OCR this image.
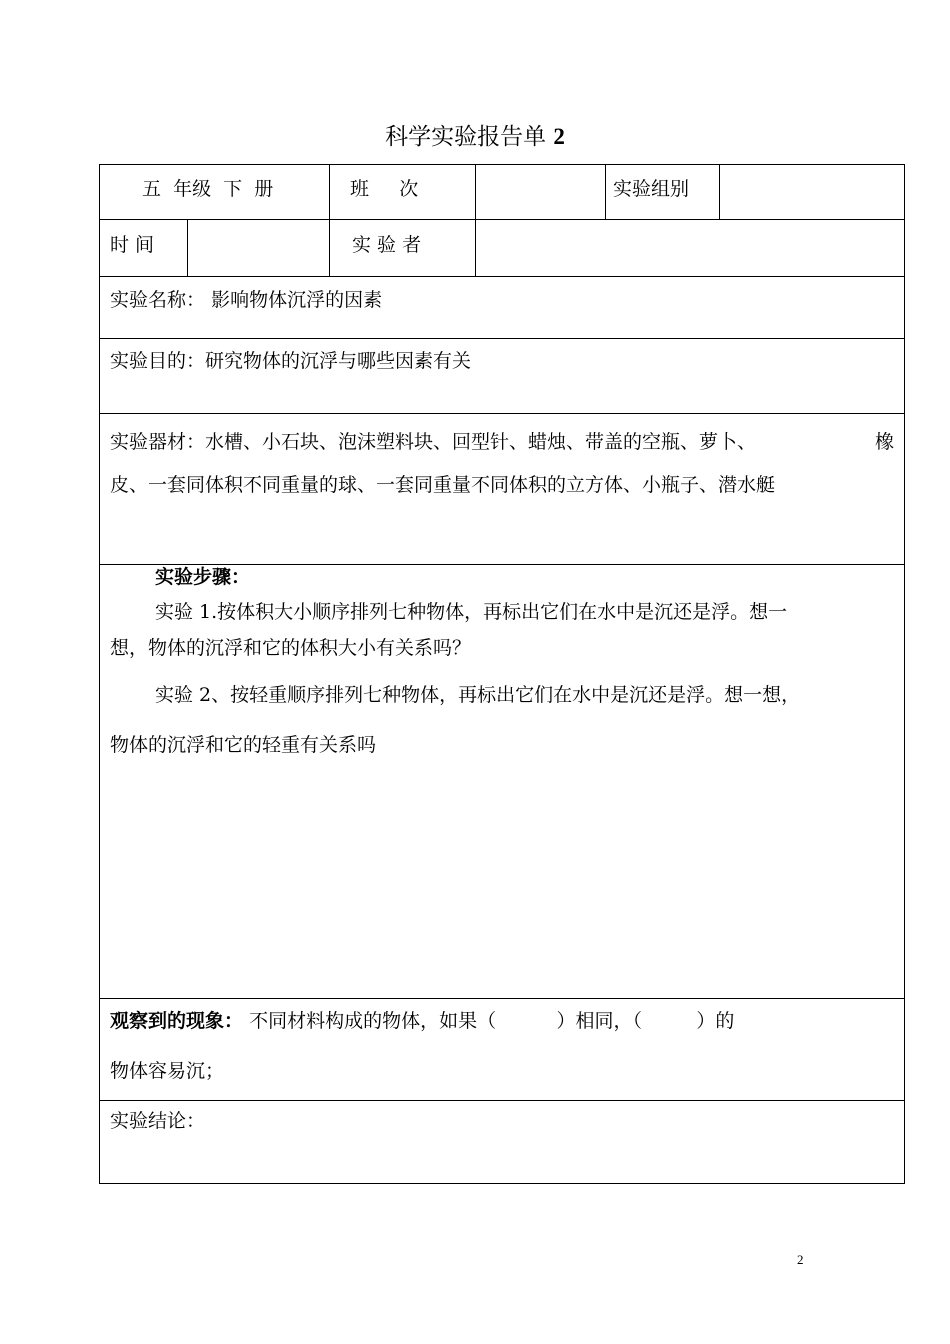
科学实验报告单 2
五  年级  下  册	班     次	实验组别
时 间	实 验 者
实验名称： 影响物体沉浮的因素
实验目的：研究物体的沉浮与哪些因素有关
实验器材：水槽、小石块、泡沫塑料块、回型针、蜡烛、带盖的空瓶、萝卜、	橡
皮、一套同体积不同重量的球、一套同重量不同体积的立方体、小瓶子、潜水艇
实验步骤：
实验 1.按体积大小顺序排列七种物体，再标出它们在水中是沉还是浮。想一
想，物体的沉浮和它的体积大小有关系吗？
实验 2、按轻重顺序排列七种物体，再标出它们在水中是沉还是浮。想一想，
物体的沉浮和它的轻重有关系吗
观察到的现象： 不同材料构成的物体，如果（	）相同，（	）的
物体容易沉；
实验结论：
2
